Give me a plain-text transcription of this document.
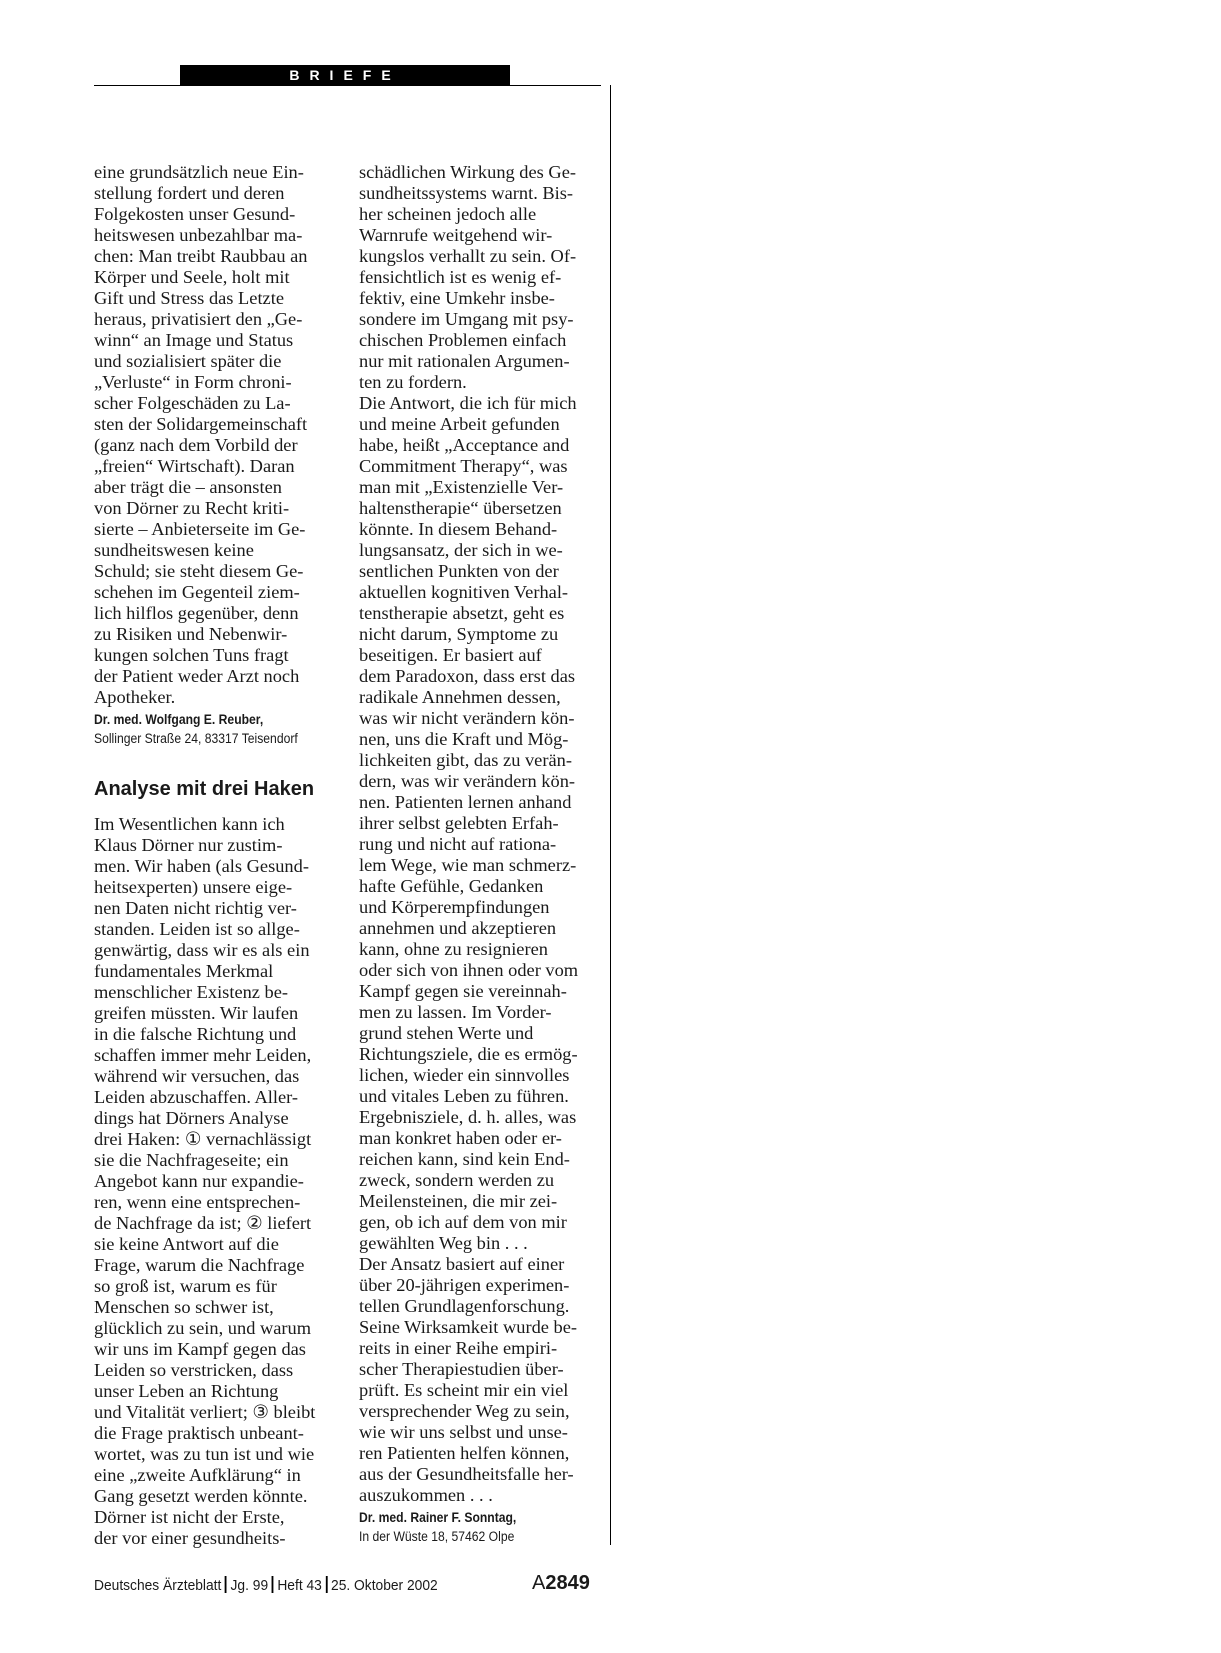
BRIEFE
eine grundsätzlich neue Ein-
stellung fordert und deren
Folgekosten unser Gesund-
heitswesen unbezahlbar ma-
chen: Man treibt Raubbau an
Körper und Seele, holt mit
Gift und Stress das Letzte
heraus, privatisiert den „Ge-
winn“ an Image und Status
und sozialisiert später die
„Verluste“ in Form chroni-
scher Folgeschäden zu La-
sten der Solidargemeinschaft
(ganz nach dem Vorbild der
„freien“ Wirtschaft). Daran
aber trägt die – ansonsten
von Dörner zu Recht kriti-
sierte – Anbieterseite im Ge-
sundheitswesen keine
Schuld; sie steht diesem Ge-
schehen im Gegenteil ziem-
lich hilflos gegenüber, denn
zu Risiken und Nebenwir-
kungen solchen Tuns fragt
der Patient weder Arzt noch
Apotheker.
Dr. med. Wolfgang E. Reuber,
Sollinger Straße 24, 83317 Teisendorf
Analyse mit drei Haken
Im Wesentlichen kann ich
Klaus Dörner nur zustim-
men. Wir haben (als Gesund-
heitsexperten) unsere eige-
nen Daten nicht richtig ver-
standen. Leiden ist so allge-
genwärtig, dass wir es als ein
fundamentales Merkmal
menschlicher Existenz be-
greifen müssten. Wir laufen
in die falsche Richtung und
schaffen immer mehr Leiden,
während wir versuchen, das
Leiden abzuschaffen. Aller-
dings hat Dörners Analyse
drei Haken: ① vernachlässigt
sie die Nachfrageseite; ein
Angebot kann nur expandie-
ren, wenn eine entsprechen-
de Nachfrage da ist; ② liefert
sie keine Antwort auf die
Frage, warum die Nachfrage
so groß ist, warum es für
Menschen so schwer ist,
glücklich zu sein, und warum
wir uns im Kampf gegen das
Leiden so verstricken, dass
unser Leben an Richtung
und Vitalität verliert; ③ bleibt
die Frage praktisch unbeant-
wortet, was zu tun ist und wie
eine „zweite Aufklärung“ in
Gang gesetzt werden könnte.
Dörner ist nicht der Erste,
der vor einer gesundheits-
schädlichen Wirkung des Ge-
sundheitssystems warnt. Bis-
her scheinen jedoch alle
Warnrufe weitgehend wir-
kungslos verhallt zu sein. Of-
fensichtlich ist es wenig ef-
fektiv, eine Umkehr insbe-
sondere im Umgang mit psy-
chischen Problemen einfach
nur mit rationalen Argumen-
ten zu fordern.
Die Antwort, die ich für mich
und meine Arbeit gefunden
habe, heißt „Acceptance and
Commitment Therapy“, was
man mit „Existenzielle Ver-
haltenstherapie“ übersetzen
könnte. In diesem Behand-
lungsansatz, der sich in we-
sentlichen Punkten von der
aktuellen kognitiven Verhal-
tenstherapie absetzt, geht es
nicht darum, Symptome zu
beseitigen. Er basiert auf
dem Paradoxon, dass erst das
radikale Annehmen dessen,
was wir nicht verändern kön-
nen, uns die Kraft und Mög-
lichkeiten gibt, das zu verän-
dern, was wir verändern kön-
nen. Patienten lernen anhand
ihrer selbst gelebten Erfah-
rung und nicht auf rationa-
lem Wege, wie man schmerz-
hafte Gefühle, Gedanken
und Körperempfindungen
annehmen und akzeptieren
kann, ohne zu resignieren
oder sich von ihnen oder vom
Kampf gegen sie vereinnah-
men zu lassen. Im Vorder-
grund stehen Werte und
Richtungsziele, die es ermög-
lichen, wieder ein sinnvolles
und vitales Leben zu führen.
Ergebnisziele, d. h. alles, was
man konkret haben oder er-
reichen kann, sind kein End-
zweck, sondern werden zu
Meilensteinen, die mir zei-
gen, ob ich auf dem von mir
gewählten Weg bin . . .
Der Ansatz basiert auf einer
über 20-jährigen experimen-
tellen Grundlagenforschung.
Seine Wirksamkeit wurde be-
reits in einer Reihe empiri-
scher Therapiestudien über-
prüft. Es scheint mir ein viel
versprechender Weg zu sein,
wie wir uns selbst und unse-
ren Patienten helfen können,
aus der Gesundheitsfalle her-
auszukommen . . .
Dr. med. Rainer F. Sonntag,
In der Wüste 18, 57462 Olpe
Deutsches Ärzteblatt Jg. 99 Heft 43 25. Oktober 2002	A2849
